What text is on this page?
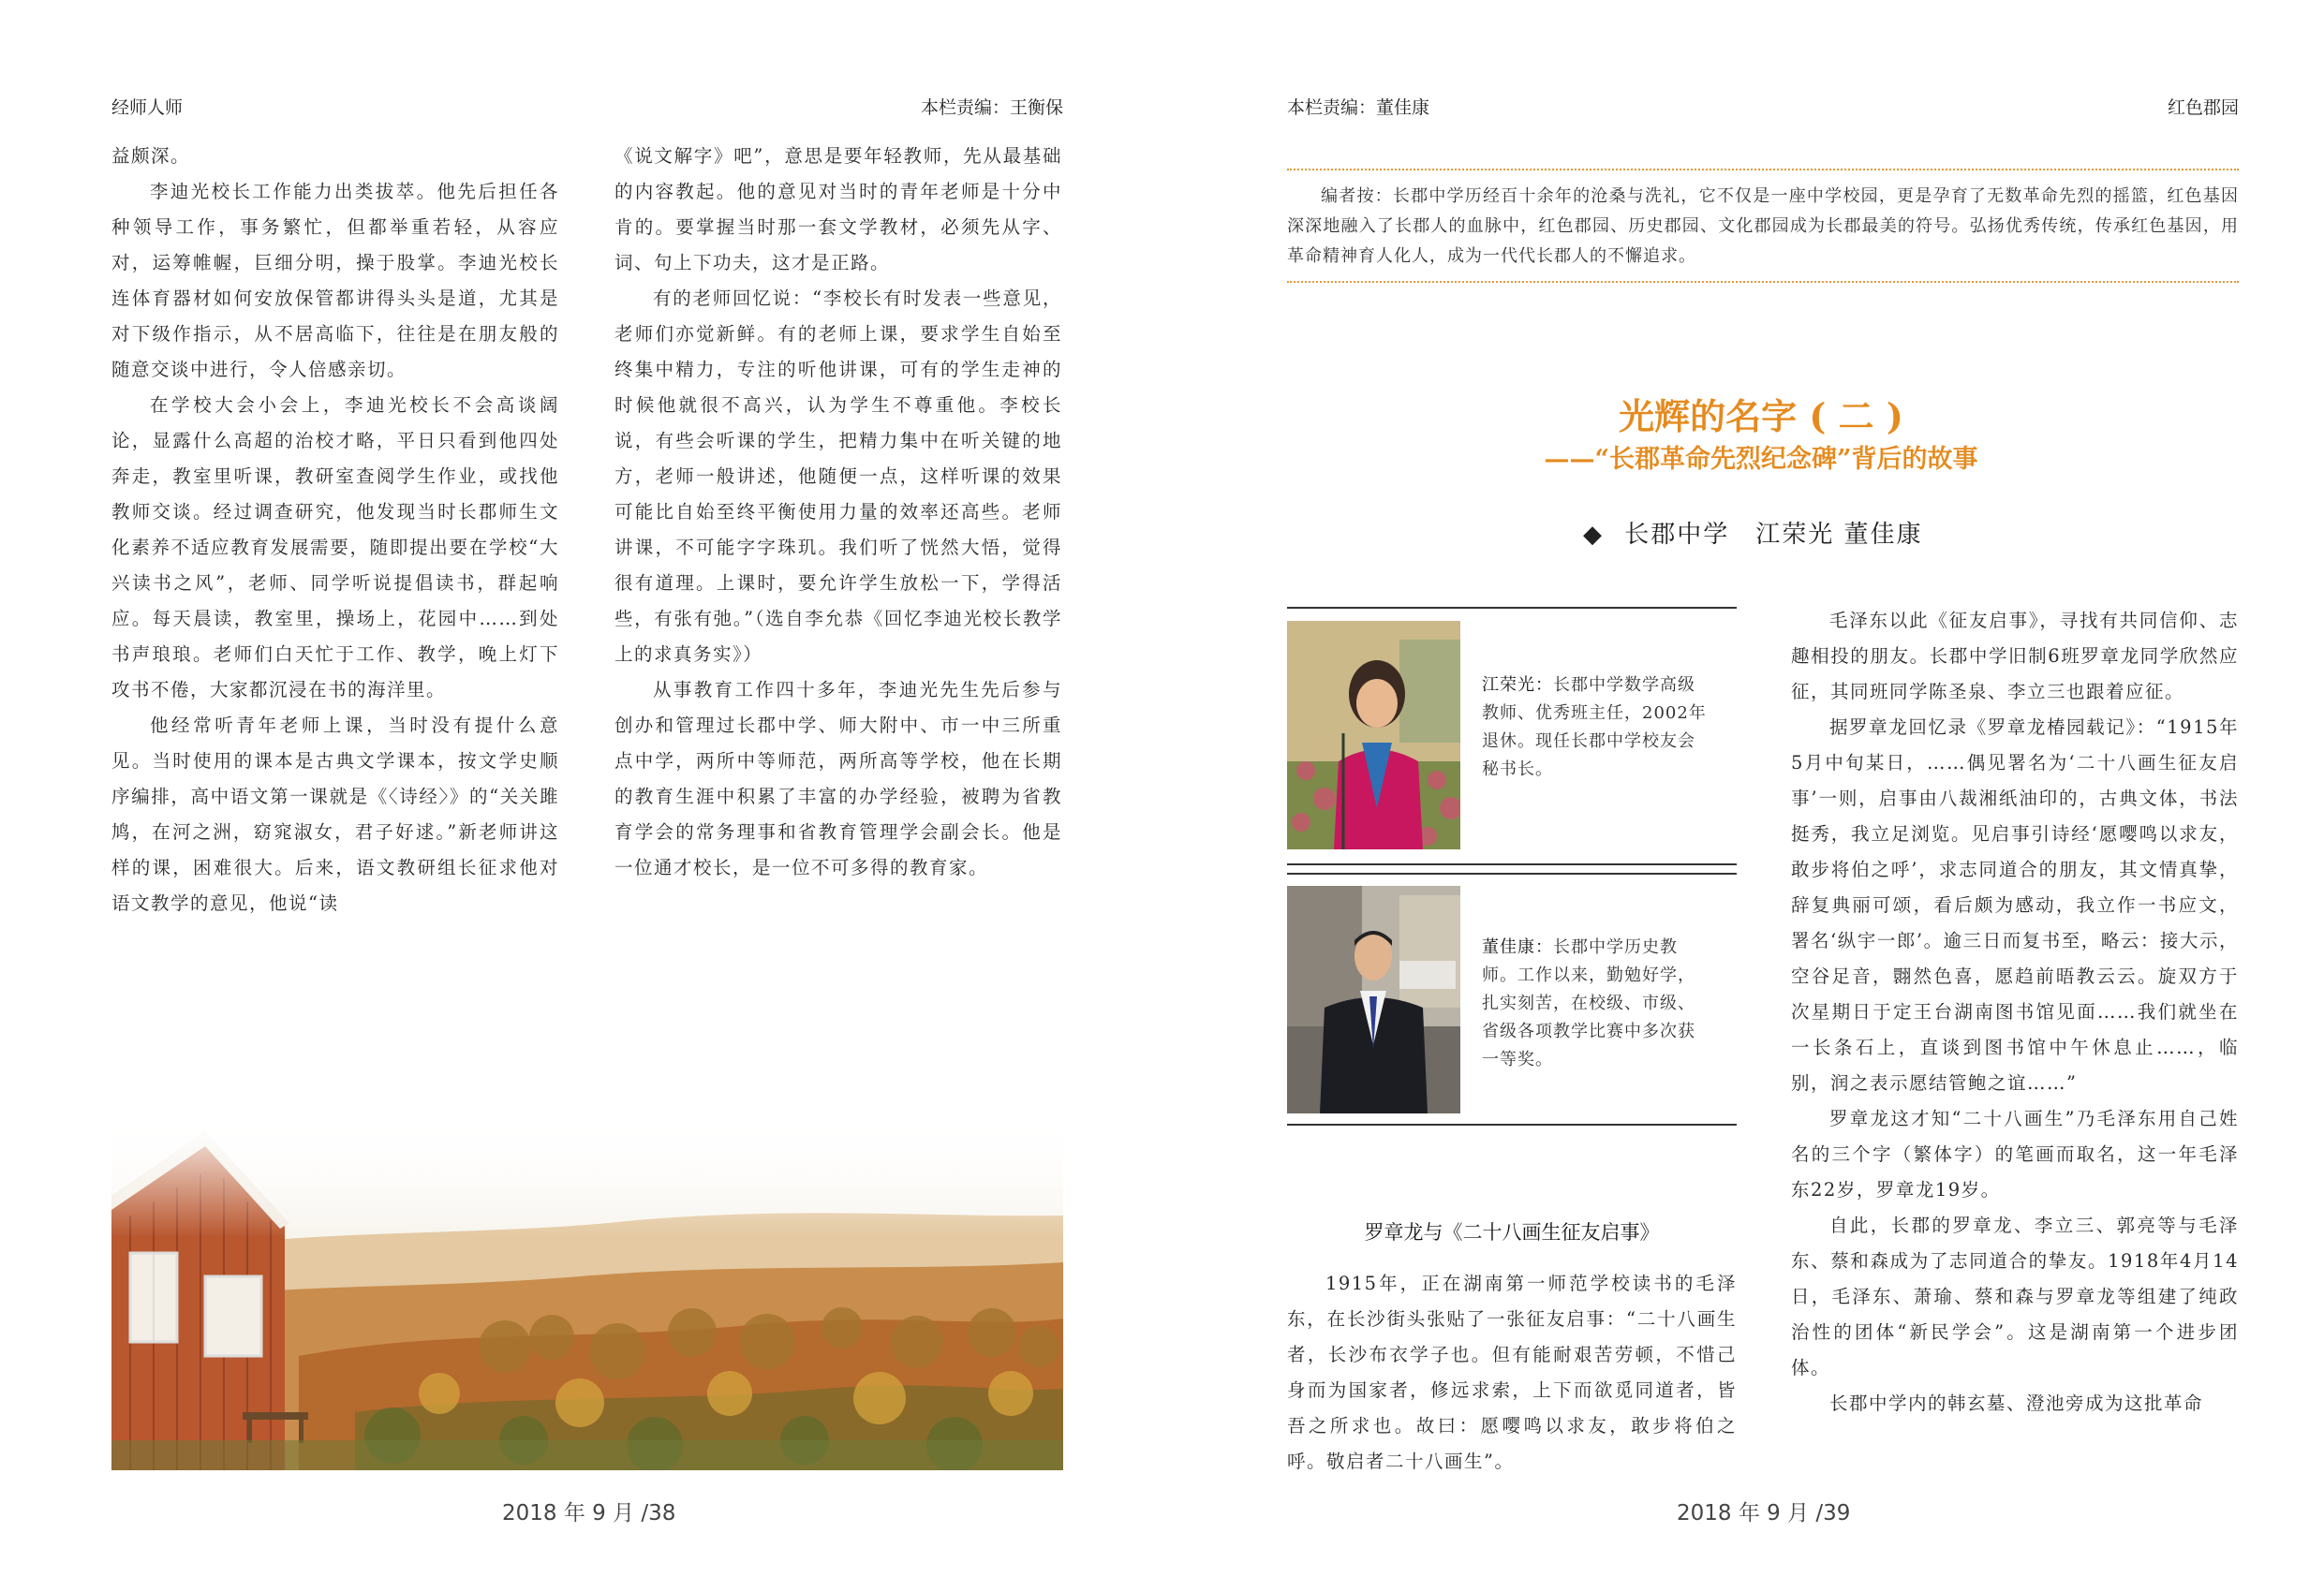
经师人师	本栏责编：王衡保

益颇深。

李迪光校长工作能力出类拔萃。他先后担任各种领导工作，事务繁忙，但都举重若轻，从容应对，运筹帷幄，巨细分明，操于股掌。李迪光校长连体育器材如何安放保管都讲得头头是道，尤其是对下级作指示，从不居高临下，往往是在朋友般的随意交谈中进行，令人倍感亲切。

在学校大会小会上，李迪光校长不会高谈阔论，显露什么高超的治校才略，平日只看到他四处奔走，教室里听课，教研室查阅学生作业，或找他教师交谈。经过调查研究，他发现当时长郡师生文化素养不适应教育发展需要，随即提出要在学校“大兴读书之风”，老师、同学听说提倡读书，群起响应。每天晨读，教室里，操场上，花园中……到处书声琅琅。老师们白天忙于工作、教学，晚上灯下攻书不倦，大家都沉浸在书的海洋里。

他经常听青年老师上课，当时没有提什么意见。当时使用的课本是古典文学课本，按文学史顺序编排，高中语文第一课就是《〈诗经〉》的“关关雎鸠，在河之洲，窈窕淑女，君子好逑。”新老师讲这样的课，困难很大。后来，语文教研组长征求他对语文教学的意见，他说“读

《说文解字》吧”，意思是要年轻教师，先从最基础的内容教起。他的意见对当时的青年老师是十分中肯的。要掌握当时那一套文学教材，必须先从字、词、句上下功夫，这才是正路。

有的老师回忆说：“李校长有时发表一些意见，老师们亦觉新鲜。有的老师上课，要求学生自始至终集中精力，专注的听他讲课，可有的学生走神的时候他就很不高兴，认为学生不尊重他。李校长说，有些会听课的学生，把精力集中在听关键的地方，老师一般讲述，他随便一点，这样听课的效果可能比自始至终平衡使用力量的效率还高些。老师讲课，不可能字字珠玑。我们听了恍然大悟，觉得很有道理。上课时，要允许学生放松一下，学得活些，有张有弛。”（选自李允恭《回忆李迪光校长教学上的求真务实》）

从事教育工作四十多年，李迪光先生先后参与创办和管理过长郡中学、师大附中、市一中三所重点中学，两所中等师范，两所高等学校，他在长期的教育生涯中积累了丰富的办学经验，被聘为省教育学会的常务理事和省教育管理学会副会长。他是一位通才校长，是一位不可多得的教育家。

2018 年 9 月 /38
本栏责编：董佳康	红色郡园
编者按：长郡中学历经百十余年的沧桑与洗礼，它不仅是一座中学校园，更是孕育了无数革命先烈的摇篮，红色基因深深地融入了长郡人的血脉中，红色郡园、历史郡园、文化郡园成为长郡最美的符号。弘扬优秀传统，传承红色基因，用革命精神育人化人，成为一代代长郡人的不懈追求。
光辉的名字 ( 二 )
——“长郡革命先烈纪念碑”背后的故事
◆ 长郡中学　江荣光 董佳康
江荣光：长郡中学数学高级教师、优秀班主任，2002年退休。现任长郡中学校友会秘书长。
董佳康：长郡中学历史教师。工作以来，勤勉好学，扎实刻苦，在校级、市级、省级各项教学比赛中多次获一等奖。
罗章龙与《二十八画生征友启事》

1915年，正在湖南第一师范学校读书的毛泽东，在长沙街头张贴了一张征友启事：“二十八画生者，长沙布衣学子也。但有能耐艰苦劳顿，不惜己身而为国家者，修远求索，上下而欲觅同道者，皆吾之所求也。故曰：愿嘤鸣以求友，敢步将伯之呼。敬启者二十八画生”。

毛泽东以此《征友启事》，寻找有共同信仰、志趣相投的朋友。长郡中学旧制6班罗章龙同学欣然应征，其同班同学陈圣泉、李立三也跟着应征。

据罗章龙回忆录《罗章龙椿园载记》：“1915年5月中旬某日，……偶见署名为‘二十八画生征友启事’一则，启事由八裁湘纸油印的，古典文体，书法挺秀，我立足浏览。见启事引诗经‘愿嘤鸣以求友，敢步将伯之呼’，求志同道合的朋友，其文情真挚，辞复典丽可颂，看后颇为感动，我立作一书应文，署名‘纵宇一郎’。逾三日而复书至，略云：接大示，空谷足音，翾然色喜，愿趋前晤教云云。旋双方于次星期日于定王台湖南图书馆见面……我们就坐在一长条石上，直谈到图书馆中午休息止……，临别，润之表示愿结管鲍之谊……”

罗章龙这才知“二十八画生”乃毛泽东用自己姓名的三个字（繁体字）的笔画而取名，这一年毛泽东22岁，罗章龙19岁。

自此，长郡的罗章龙、李立三、郭亮等与毛泽东、蔡和森成为了志同道合的挚友。1918年4月14日，毛泽东、萧瑜、蔡和森与罗章龙等组建了纯政治性的团体“新民学会”。这是湖南第一个进步团体。

长郡中学内的韩玄墓、澄池旁成为这批革命

2018 年 9 月 /39
